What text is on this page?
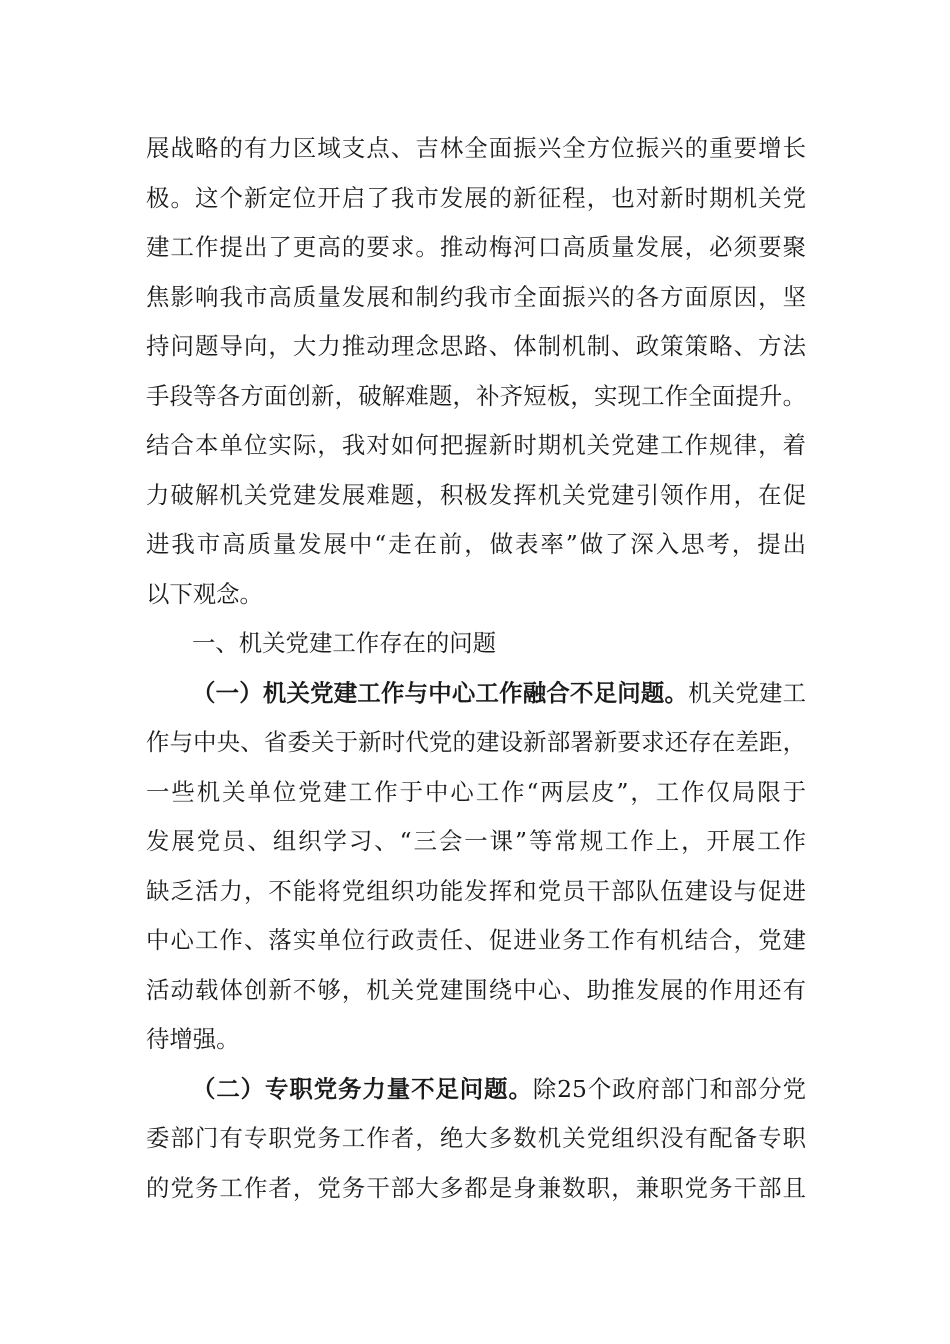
展战略的有力区域支点、吉林全面振兴全方位振兴的重要增长
极。这个新定位开启了我市发展的新征程，也对新时期机关党
建工作提出了更高的要求。推动梅河口高质量发展，必须要聚
焦影响我市高质量发展和制约我市全面振兴的各方面原因，坚
持问题导向，大力推动理念思路、体制机制、政策策略、方法
手段等各方面创新，破解难题，补齐短板，实现工作全面提升。
结合本单位实际，我对如何把握新时期机关党建工作规律，着
力破解机关党建发展难题，积极发挥机关党建引领作用，在促
进我市高质量发展中“走在前，做表率”做了深入思考，提出
以下观念。
一、机关党建工作存在的问题
（一）机关党建工作与中心工作融合不足问题。机关党建工
作与中央、省委关于新时代党的建设新部署新要求还存在差距，
一些机关单位党建工作于中心工作“两层皮”，工作仅局限于
发展党员、组织学习、“三会一课”等常规工作上，开展工作
缺乏活力，不能将党组织功能发挥和党员干部队伍建设与促进
中心工作、落实单位行政责任、促进业务工作有机结合，党建
活动载体创新不够，机关党建围绕中心、助推发展的作用还有
待增强。
（二）专职党务力量不足问题。除25个政府部门和部分党
委部门有专职党务工作者，绝大多数机关党组织没有配备专职
的党务工作者，党务干部大多都是身兼数职，兼职党务干部且
